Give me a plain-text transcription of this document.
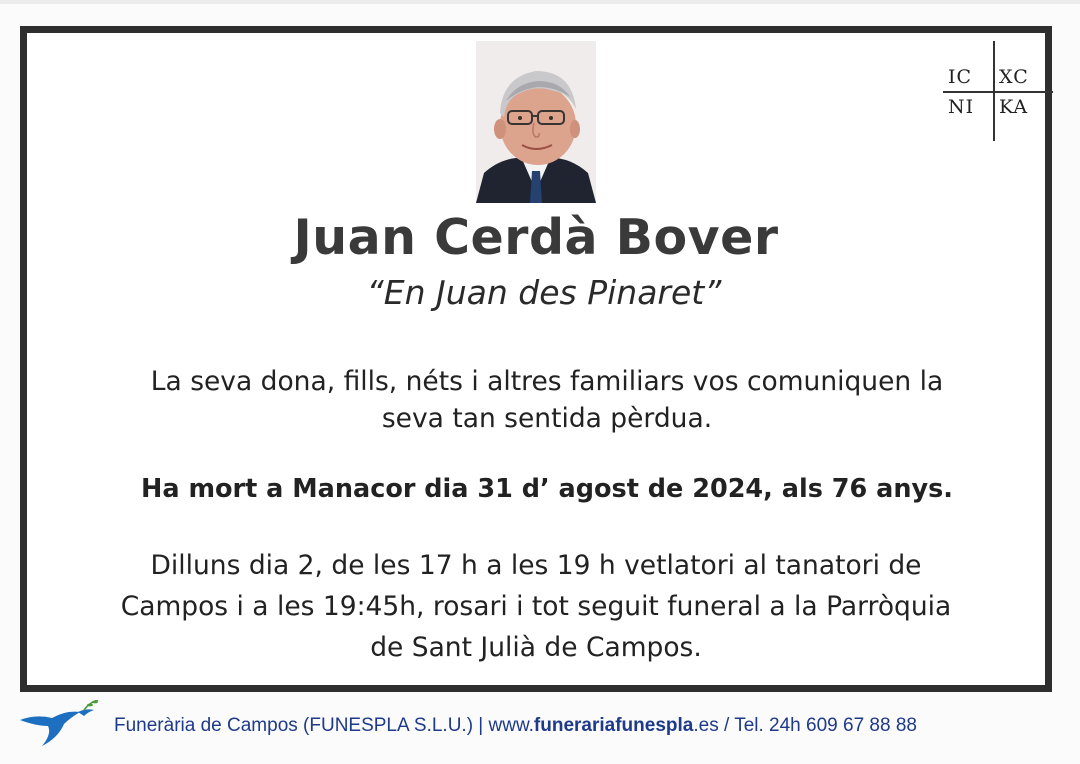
IC XC
NI KA
Juan Cerdà Bover
“En Juan des Pinaret”
La seva dona, fills, néts i altres familiars vos comuniquen la
seva tan sentida pèrdua.
Ha mort a Manacor dia 31 d’ agost de 2024, als 76 anys.
Dilluns dia 2, de les 17 h a les 19 h vetlatori al tanatori de
Campos i a les 19:45h, rosari i tot seguit funeral a la Parròquia
de Sant Julià de Campos.
Funerària de Campos (FUNESPLA S.L.U.) | www.funerariafunespla.es / Tel. 24h 609 67 88 88
